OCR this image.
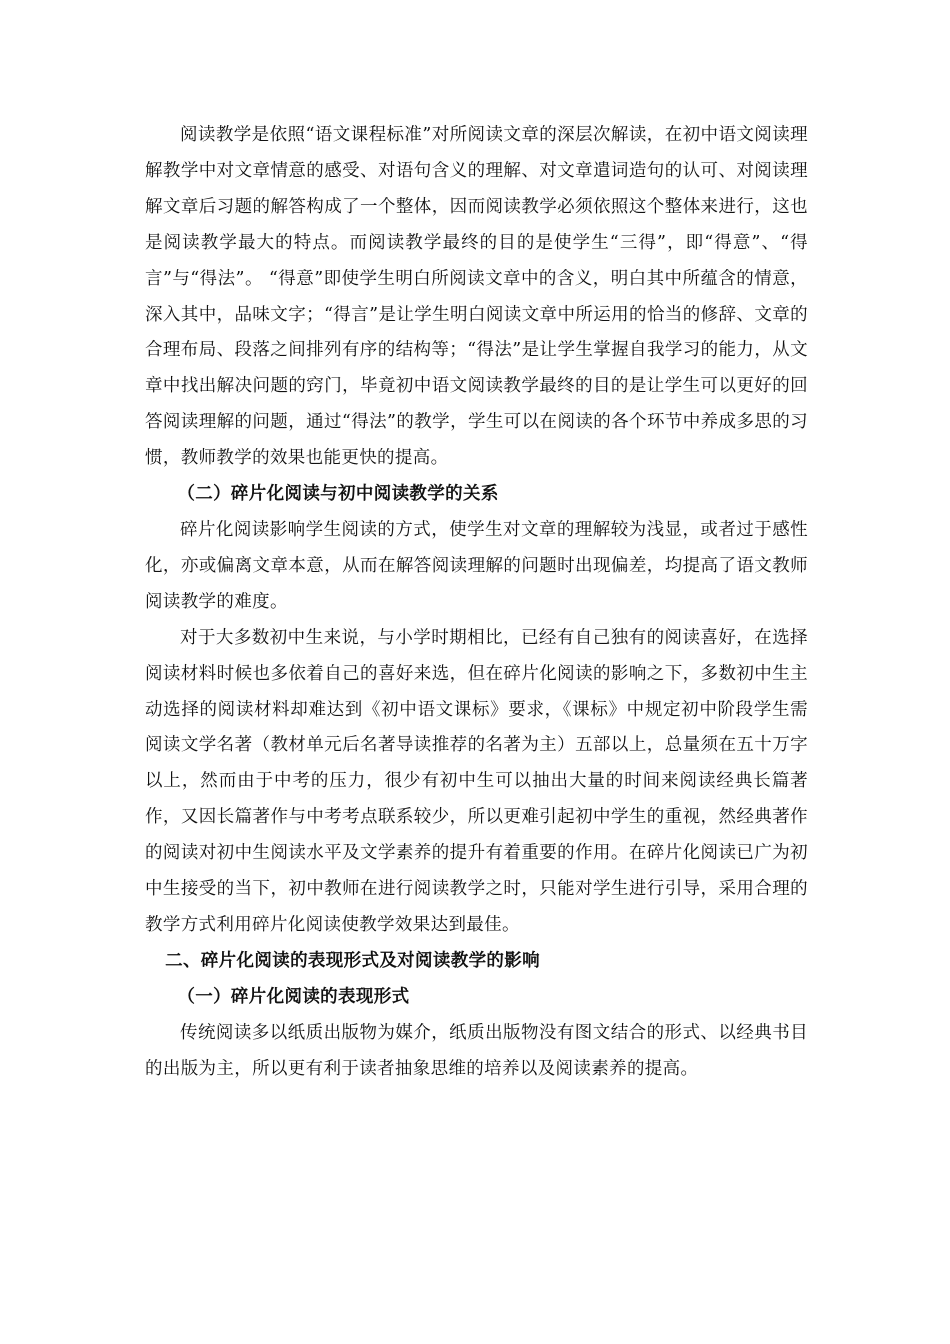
阅读教学是依照“语文课程标准”对所阅读文章的深层次解读，在初中语文阅读理解教学中对文章情意的感受、对语句含义的理解、对文章遣词造句的认可、对阅读理解文章后习题的解答构成了一个整体，因而阅读教学必须依照这个整体来进行，这也是阅读教学最大的特点。而阅读教学最终的目的是使学生“三得”，即“得意”、“得言”与“得法”。 “得意”即使学生明白所阅读文章中的含义，明白其中所蕴含的情意，深入其中，品味文字；“得言”是让学生明白阅读文章中所运用的恰当的修辞、文章的合理布局、段落之间排列有序的结构等；“得法”是让学生掌握自我学习的能力，从文章中找出解决问题的窍门，毕竟初中语文阅读教学最终的目的是让学生可以更好的回答阅读理解的问题，通过“得法”的教学，学生可以在阅读的各个环节中养成多思的习惯，教师教学的效果也能更快的提高。

（二）碎片化阅读与初中阅读教学的关系

碎片化阅读影响学生阅读的方式，使学生对文章的理解较为浅显，或者过于感性化，亦或偏离文章本意，从而在解答阅读理解的问题时出现偏差，均提高了语文教师阅读教学的难度。

对于大多数初中生来说，与小学时期相比，已经有自己独有的阅读喜好，在选择阅读材料时候也多依着自己的喜好来选，但在碎片化阅读的影响之下，多数初中生主动选择的阅读材料却难达到《初中语文课标》要求，《课标》中规定初中阶段学生需阅读文学名著（教材单元后名著导读推荐的名著为主）五部以上，总量须在五十万字以上，然而由于中考的压力，很少有初中生可以抽出大量的时间来阅读经典长篇著作，又因长篇著作与中考考点联系较少，所以更难引起初中学生的重视，然经典著作的阅读对初中生阅读水平及文学素养的提升有着重要的作用。在碎片化阅读已广为初中生接受的当下，初中教师在进行阅读教学之时，只能对学生进行引导，采用合理的教学方式利用碎片化阅读使教学效果达到最佳。

二、碎片化阅读的表现形式及对阅读教学的影响

（一）碎片化阅读的表现形式

传统阅读多以纸质出版物为媒介，纸质出版物没有图文结合的形式、以经典书目的出版为主，所以更有利于读者抽象思维的培养以及阅读素养的提高。
